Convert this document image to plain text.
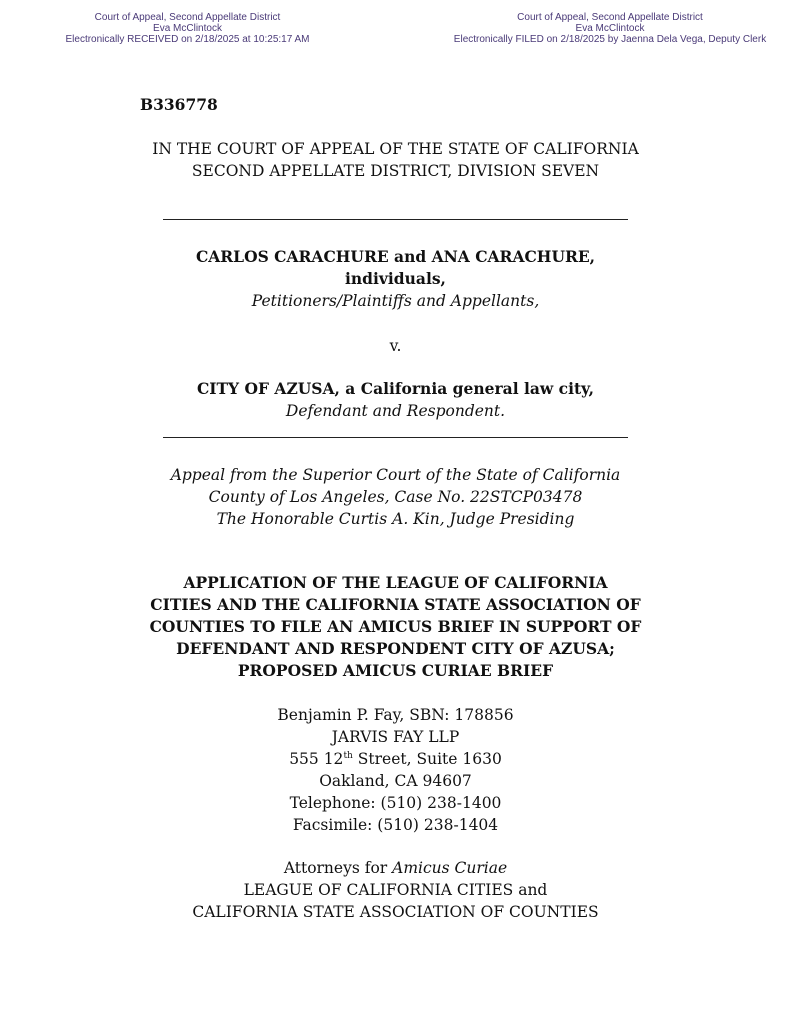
Court of Appeal, Second Appellate District
Eva McClintock
Electronically RECEIVED on 2/18/2025 at 10:25:17 AM
Court of Appeal, Second Appellate District
Eva McClintock
Electronically FILED on 2/18/2025 by Jaenna Dela Vega, Deputy Clerk
B336778
IN THE COURT OF APPEAL OF THE STATE OF CALIFORNIA
SECOND APPELLATE DISTRICT, DIVISION SEVEN
CARLOS CARACHURE and ANA CARACHURE,
individuals,
Petitioners/Plaintiffs and Appellants,
v.
CITY OF AZUSA, a California general law city,
Defendant and Respondent.
Appeal from the Superior Court of the State of California
County of Los Angeles, Case No. 22STCP03478
The Honorable Curtis A. Kin, Judge Presiding
APPLICATION OF THE LEAGUE OF CALIFORNIA
CITIES AND THE CALIFORNIA STATE ASSOCIATION OF
COUNTIES TO FILE AN AMICUS BRIEF IN SUPPORT OF
DEFENDANT AND RESPONDENT CITY OF AZUSA;
PROPOSED AMICUS CURIAE BRIEF
Benjamin P. Fay, SBN: 178856
JARVIS FAY LLP
555 12th Street, Suite 1630
Oakland, CA 94607
Telephone: (510) 238-1400
Facsimile: (510) 238-1404
Attorneys for Amicus Curiae
LEAGUE OF CALIFORNIA CITIES and
CALIFORNIA STATE ASSOCIATION OF COUNTIES
